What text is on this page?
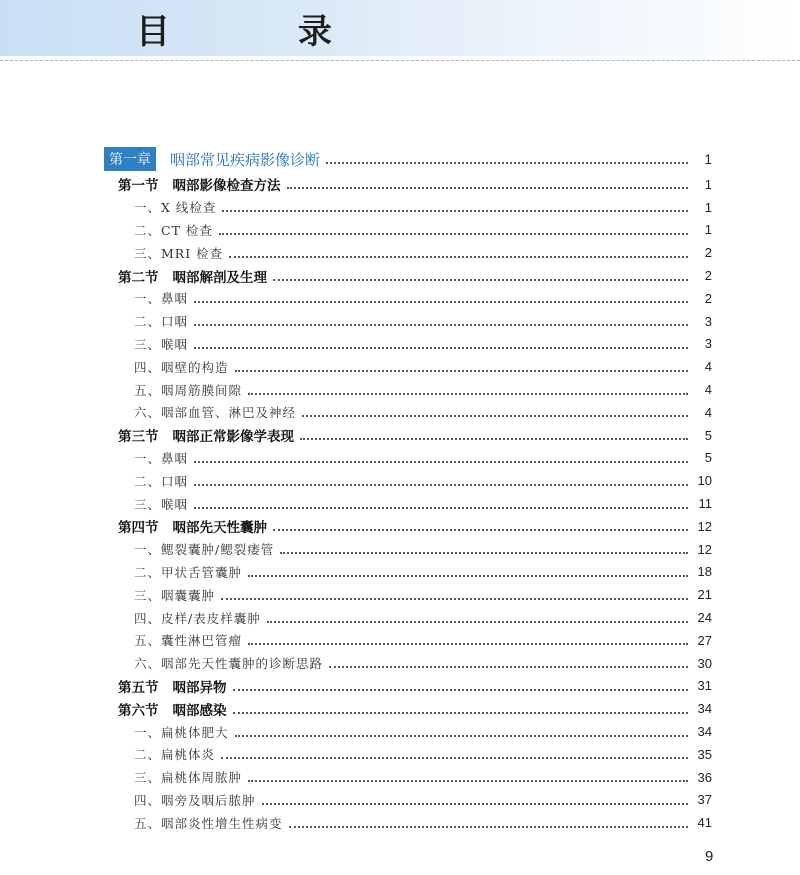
目 录
第一章	咽部常见疾病影像诊断	1
第一节 咽部影像检查方法	1
一、X 线检查	1
二、CT 检查	1
三、MRI 检查	2
第二节 咽部解剖及生理	2
一、鼻咽	2
二、口咽	3
三、喉咽	3
四、咽壁的构造	4
五、咽周筋膜间隙	4
六、咽部血管、淋巴及神经	4
第三节 咽部正常影像学表现	5
一、鼻咽	5
二、口咽	10
三、喉咽	11
第四节 咽部先天性囊肿	12
一、鳃裂囊肿/鳃裂瘘管	12
二、甲状舌管囊肿	18
三、咽囊囊肿	21
四、皮样/表皮样囊肿	24
五、囊性淋巴管瘤	27
六、咽部先天性囊肿的诊断思路	30
第五节 咽部异物	31
第六节 咽部感染	34
一、扁桃体肥大	34
二、扁桃体炎	35
三、扁桃体周脓肿	36
四、咽旁及咽后脓肿	37
五、咽部炎性增生性病变	41
9
